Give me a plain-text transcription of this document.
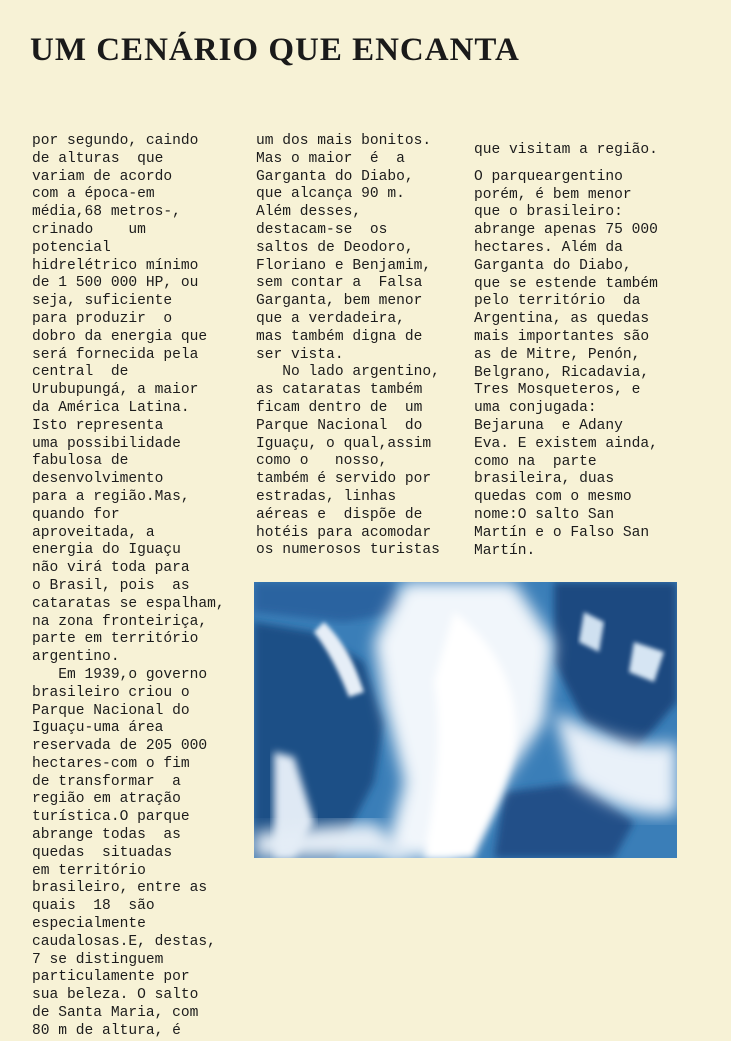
UM CENÁRIO QUE ENCANTA
por segundo, caindo
de alturas  que
variam de acordo
com a época-em
média,68 metros-,
crinado    um
potencial
hidrelétrico mínimo
de 1 500 000 HP, ou
seja, suficiente
para produzir  o
dobro da energia que
será fornecida pela
central  de
Urubupungá, a maior
da América Latina.
Isto representa
uma possibilidade
fabulosa de
desenvolvimento
para a região.Mas,
quando for
aproveitada, a
energia do Iguaçu
não virá toda para
o Brasil, pois  as
cataratas se espalham,
na zona fronteiriça,
parte em território
argentino.
Em 1939,o governo
brasileiro criou o
Parque Nacional do
Iguaçu-uma área
reservada de 205 000
hectares-com o fim
de transformar  a
região em atração
turística.O parque
abrange todas  as
quedas  situadas
em território
brasileiro, entre as
quais  18  são
especialmente
caudalosas.E, destas,
7 se distinguem
particulamente por
sua beleza. O salto
de Santa Maria, com
80 m de altura, é
um dos mais bonitos.
Mas o maior  é  a
Garganta do Diabo,
que alcança 90 m.
Além desses,
destacam-se  os
saltos de Deodoro,
Floriano e Benjamim,
sem contar a  Falsa
Garganta, bem menor
que a verdadeira,
mas também digna de
ser vista.
No lado argentino,
as cataratas também
ficam dentro de  um
Parque Nacional  do
Iguaçu, o qual,assim
como o   nosso,
também é servido por
estradas, linhas
aéreas e  dispõe de
hotéis para acomodar
os numerosos turistas
que visitam a região.
O parqueargentino
porém, é bem menor
que o brasileiro:
abrange apenas 75 000
hectares. Além da
Garganta do Diabo,
que se estende também
pelo território  da
Argentina, as quedas
mais importantes são
as de Mitre, Penón,
Belgrano, Ricadavia,
Tres Mosqueteros, e
uma conjugada:
Bejaruna  e Adany
Eva. E existem ainda,
como na  parte
brasileira, duas
quedas com o mesmo
nome:O salto San
Martín e o Falso San
Martín.
